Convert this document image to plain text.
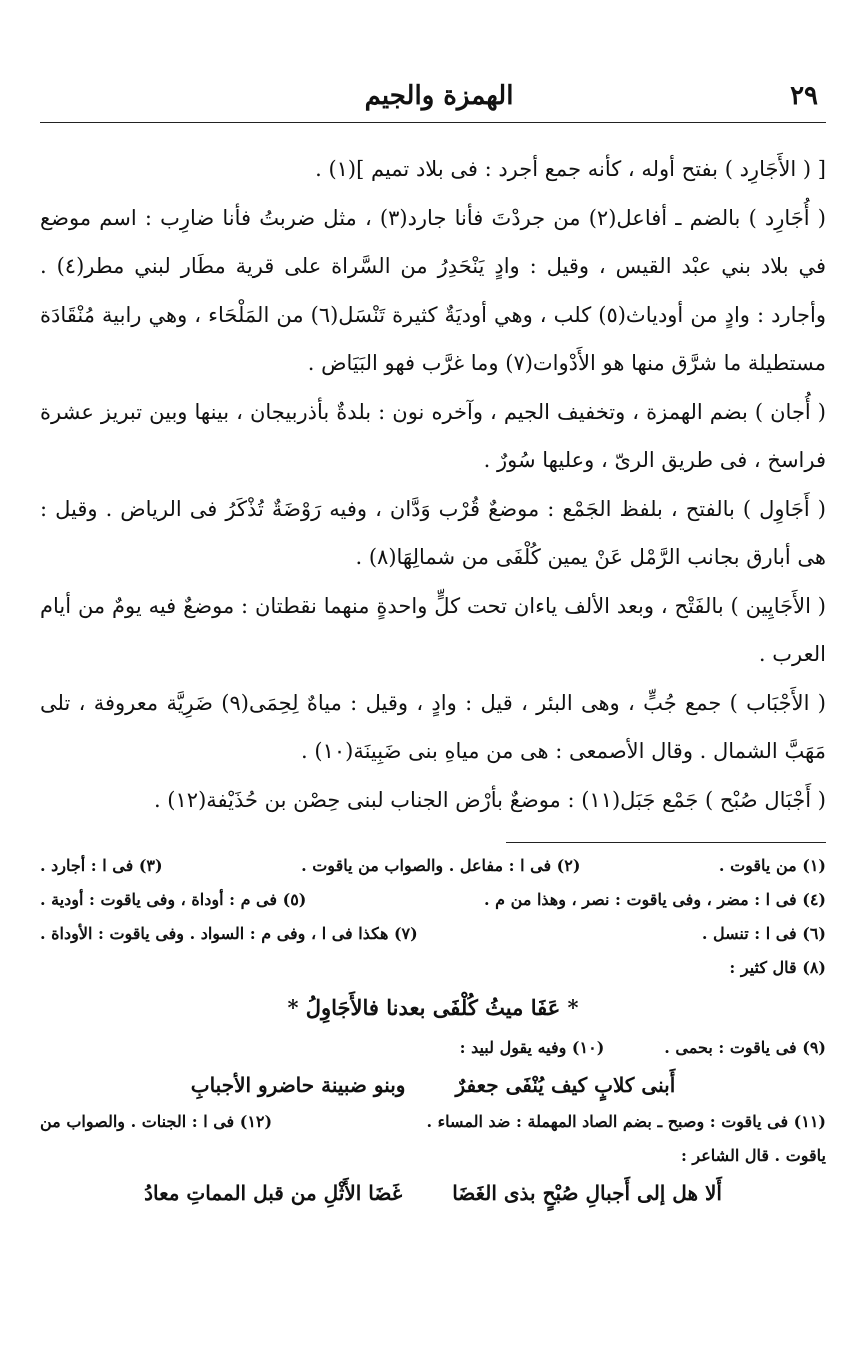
٢٩
الهمزة والجيم

[ ( الأَجَارِد ) بفتح أوله ، كأنه جمع أجرد : فى بلاد تميم ](١) .

( أُجَارِد ) بالضم ـ أفاعل(٢) من جردْتَ فأنا جارد(٣) ، مثل ضربتُ فأنا ضارِب : اسم موضع في بلاد بني عبْد القيس ، وقيل : وادٍ يَنْحَدِرُ من السَّراة على قرية مطَار لبني مطر(٤) . وأجارد : وادٍ من أودياث(٥) كلب ، وهي أوديَةٌ كثيرة تَنْسَل(٦) من المَلْحَاء ، وهي رابية مُنْقَادَة مستطيلة ما شرَّق منها هو الأَدْوات(٧) وما غرَّب فهو البَيَاض .

( أُجان ) بضم الهمزة ، وتخفيف الجيم ، وآخره نون : بلدةٌ بأذربيجان ، بينها وبين تبريز عشرة فراسخ ، فى طريق الرىّ ، وعليها سُورٌ .

( أَجَاوِل ) بالفتح ، بلفظ الجَمْع : موضعٌ قُرْب وَدَّان ، وفيه رَوْضَةٌ تُذْكَرُ فى الرياض . وقيل : هى أبارق بجانب الرَّمْل عَنْ يمين كُلْفَى من شمالِهَا(٨) .

( الأَجَايِين ) بالفَتْح ، وبعد الألف ياءان تحت كلٍّ واحدةٍ منهما نقطتان : موضعٌ فيه يومٌ من أيام العرب .

( الأَجْبَاب ) جمع جُبٍّ ، وهى البئر ، قيل : وادٍ ، وقيل : مياهٌ لِحِمَى(٩) ضَرِيَّة معروفة ، تلى مَهَبَّ الشمال . وقال الأصمعى : هى من مياهِ بنى ضَبِينَة(١٠) .

( أَجْبَال صُبْح ) جَمْع جَبَل(١١) : موضعٌ بأرْض الجناب لبنى حِصْن بن حُذَيْفة(١٢) .

(١) من ياقوت .
(٢) فى ا : مفاعل . والصواب من ياقوت .
(٣) فى ا : أجارد .
(٤) فى ا : مضر ، وفى ياقوت : نصر ، وهذا من م .
(٥) فى م : أوداة ، وفى ياقوت : أودية .
(٦) فى ا : تنسل .
(٧) هكذا فى ا ، وفى م : السواد . وفى ياقوت : الأوداة .
(٨) قال كثير :
* عَفَا ميثُ كُلْفَى بعدنا فالأَجَاوِلُ *
(٩) فى ياقوت : بحمى .
(١٠) وفيه يقول لبيد :
أَبنى كلابٍ كيف يُنْفَى جعفرٌ
وبنو ضبينة حاضرو الأجبابِ
(١١) فى ياقوت : وصبح ـ بضم الصاد المهملة : ضد المساء .
(١٢) فى ا : الجنات . والصواب من
ياقوت . قال الشاعر :
أَلا هل إلى أَجبالِ صُبْحٍ بذى الغَضَا
غَضَا الأَثْلِ من قبل المماتِ معادُ
